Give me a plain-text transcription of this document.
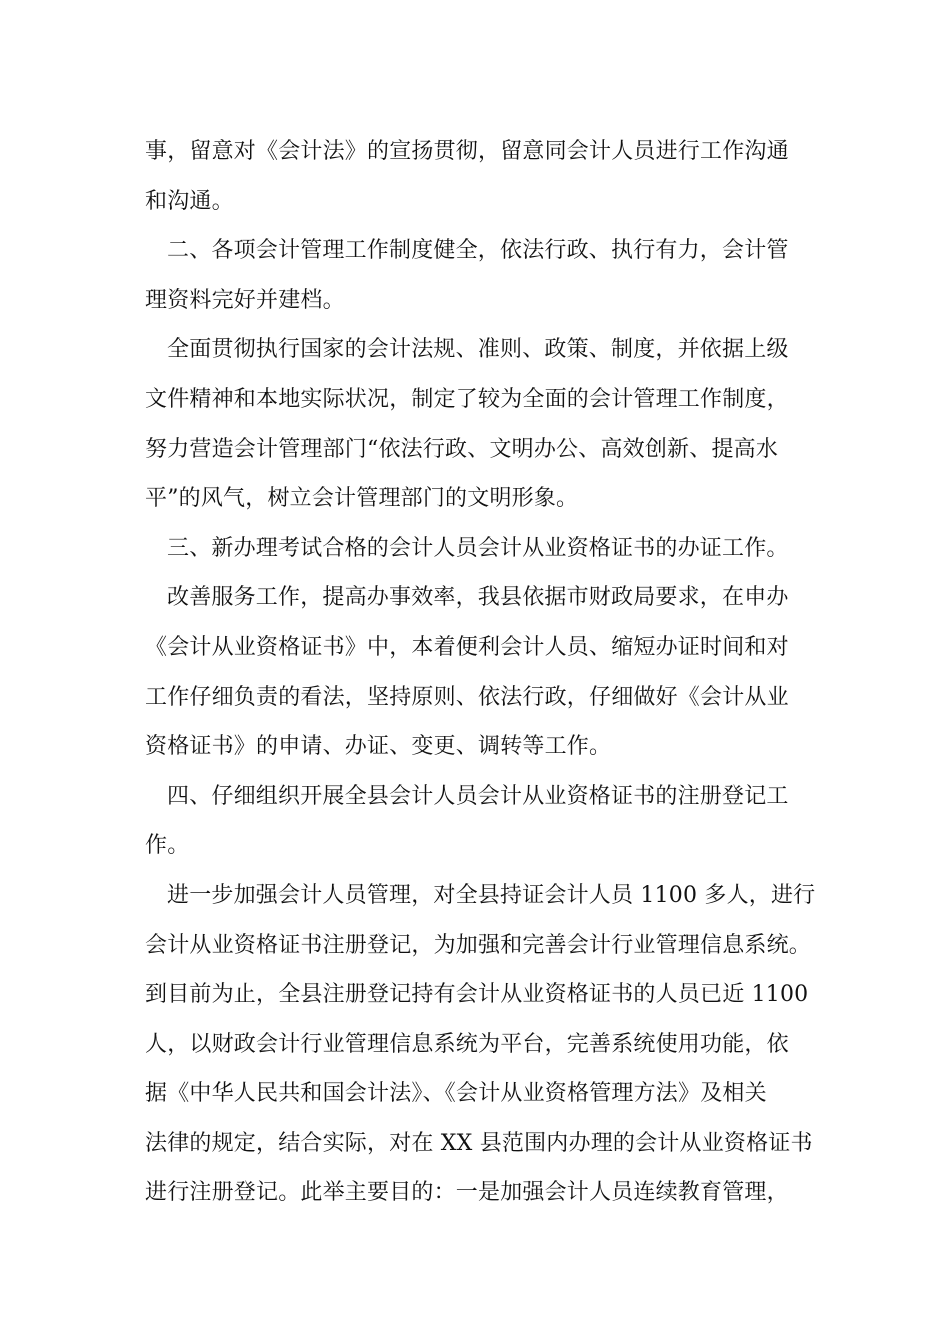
事，留意对《会计法》的宣扬贯彻，留意同会计人员进行工作沟通
和沟通。
二、各项会计管理工作制度健全，依法行政、执行有力，会计管
理资料完好并建档。
全面贯彻执行国家的会计法规、准则、政策、制度，并依据上级
文件精神和本地实际状况，制定了较为全面的会计管理工作制度，
努力营造会计管理部门“依法行政、文明办公、高效创新、提高水
平”的风气，树立会计管理部门的文明形象。
三、新办理考试合格的会计人员会计从业资格证书的办证工作。
改善服务工作，提高办事效率，我县依据市财政局要求，在申办
《会计从业资格证书》中，本着便利会计人员、缩短办证时间和对
工作仔细负责的看法，坚持原则、依法行政，仔细做好《会计从业
资格证书》的申请、办证、变更、调转等工作。
四、仔细组织开展全县会计人员会计从业资格证书的注册登记工
作。
进一步加强会计人员管理，对全县持证会计人员 1100 多人，进行
会计从业资格证书注册登记，为加强和完善会计行业管理信息系统。
到目前为止，全县注册登记持有会计从业资格证书的人员已近 1100
人，以财政会计行业管理信息系统为平台，完善系统使用功能，依
据《中华人民共和国会计法》、《会计从业资格管理方法》及相关
法律的规定，结合实际，对在 XX 县范围内办理的会计从业资格证书
进行注册登记。此举主要目的：一是加强会计人员连续教育管理，
